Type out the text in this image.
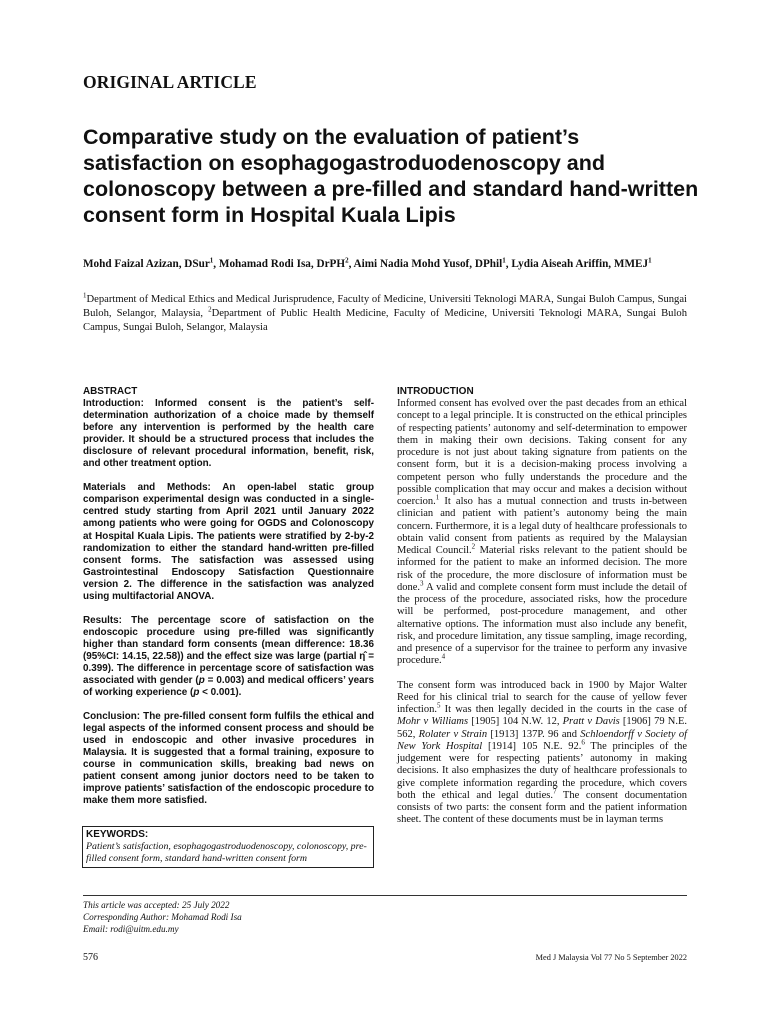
ORIGINAL ARTICLE
Comparative study on the evaluation of patient’s satisfaction on esophagogastroduodenoscopy and colonoscopy between a pre-filled and standard hand-written consent form in Hospital Kuala Lipis
Mohd Faizal Azizan, DSur$^1$, Mohamad Rodi Isa, DrPH$^2$, Aimi Nadia Mohd Yusof, DPhil$^1$, Lydia Aiseah Ariffin, MMEJ$^1$
$^1$Department of Medical Ethics and Medical Jurisprudence, Faculty of Medicine, Universiti Teknologi MARA, Sungai Buloh Campus, Sungai Buloh, Selangor, Malaysia, $^2$Department of Public Health Medicine, Faculty of Medicine, Universiti Teknologi MARA, Sungai Buloh Campus, Sungai Buloh, Selangor, Malaysia
ABSTRACT

Introduction: Informed consent is the patient’s self-determination authorization of a choice made by themself before any intervention is performed by the health care provider. It should be a structured process that includes the disclosure of relevant procedural information, benefit, risk, and other treatment option.

Materials and Methods: An open-label static group comparison experimental design was conducted in a single-centred study starting from April 2021 until January 2022 among patients who were going for OGDS and Colonoscopy at Hospital Kuala Lipis. The patients were stratified by 2-by-2 randomization to either the standard hand-written pre-filled consent forms. The satisfaction was assessed using Gastrointestinal Endoscopy Satisfaction Questionnaire version 2. The difference in the satisfaction was analyzed using multifactorial ANOVA.

Results: The percentage score of satisfaction on the endoscopic procedure using pre-filled was significantly higher than standard form consents (mean difference: 18.36 (95%CI: 14.15, 22.58)) and the effect size was large (partial η̂ = 0.399). The difference in percentage score of satisfaction was associated with gender (p = 0.003) and medical officers’ years of working experience (p < 0.001).

Conclusion: The pre-filled consent form fulfils the ethical and legal aspects of the informed consent process and should be used in endoscopic and other invasive procedures in Malaysia. It is suggested that a formal training, exposure to course in communication skills, breaking bad news on patient consent among junior doctors need to be taken to improve patients’ satisfaction of the endoscopic procedure to make them more satisfied.

KEYWORDS:
Patient’s satisfaction, esophagogastroduodenoscopy, colonoscopy, pre-filled consent form, standard hand-written consent form
INTRODUCTION

Informed consent has evolved over the past decades from an ethical concept to a legal principle. It is constructed on the ethical principles of respecting patients’ autonomy and self-determination to empower them in making their own decisions. Taking consent for any procedure is not just about taking signature from patients on the consent form, but it is a decision-making process involving a competent person who fully understands the procedure and the possible complication that may occur and makes a decision without coercion.$^1$ It also has a mutual connection and trusts in-between clinician and patient with patient’s autonomy being the main concern. Furthermore, it is a legal duty of healthcare professionals to obtain valid consent from patients as required by the Malaysian Medical Council.$^2$ Material risks relevant to the patient should be informed for the patient to make an informed decision. The more risk of the procedure, the more disclosure of information must be done.$^3$ A valid and complete consent form must include the detail of the process of the procedure, associated risks, how the procedure will be performed, post-procedure management, and other alternative options. The information must also include any benefit, risk, and procedure limitation, any tissue sampling, image recording, and presence of a supervisor for the trainee to perform any invasive procedure.$^4$

The consent form was introduced back in 1900 by Major Walter Reed for his clinical trial to search for the cause of yellow fever infection.$^5$ It was then legally decided in the courts in the case of Mohr v Williams [1905] 104 N.W. 12, Pratt v Davis [1906] 79 N.E. 562, Rolater v Strain [1913] 137P. 96 and Schloendorff v Society of New York Hospital [1914] 105 N.E. 92.$^6$ The principles of the judgement were for respecting patients’ autonomy in making decisions. It also emphasizes the duty of healthcare professionals to give complete information regarding the procedure, which covers both the ethical and legal duties.$^7$ The consent documentation consists of two parts: the consent form and the patient information sheet. The content of these documents must be in layman terms

This article was accepted: 25 July 2022
Corresponding Author: Mohamad Rodi Isa
Email: rodi@uitm.edu.my
576	Med J Malaysia Vol 77 No 5 September 2022
